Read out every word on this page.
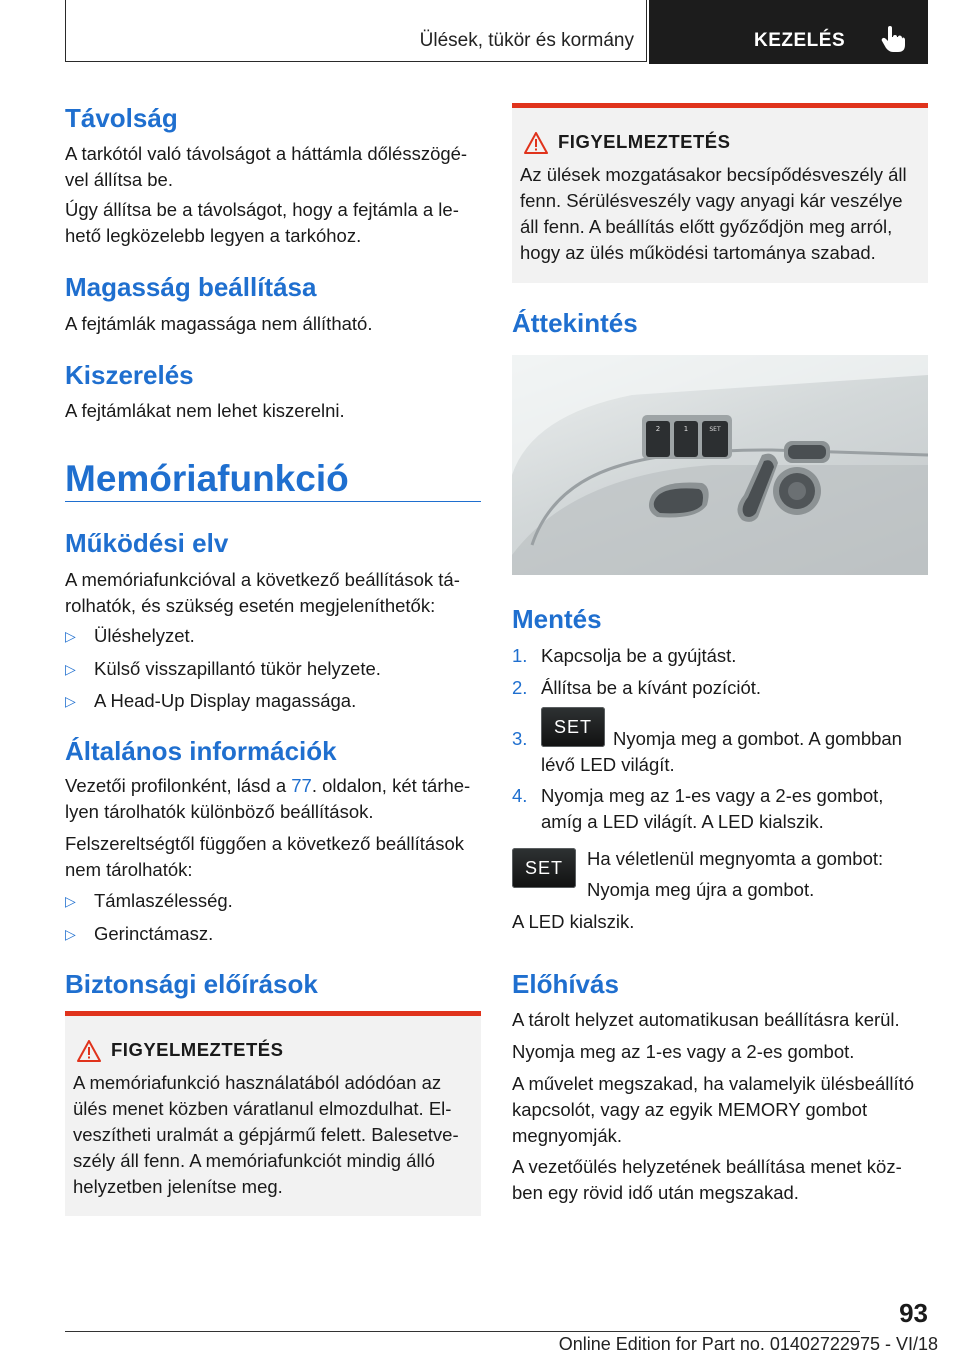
Ülések, tükör és kormány	KEZELÉS
Távolság

A tarkótól való távolságot a háttámla dőlésszögé-vel állítsa be.

Úgy állítsa be a távolságot, hogy a fejtámla a le-hető legközelebb legyen a tarkóhoz.

Magasság beállítása

A fejtámlák magassága nem állítható.

Kiszerelés

A fejtámlákat nem lehet kiszerelni.

Memóriafunkció
Működési elv

A memóriafunkcióval a következő beállítások tá-rolhatók, és szükség esetén megjeleníthetők:

▷ Üléshelyzet.
▷ Külső visszapillantó tükör helyzete.
▷ A Head-Up Display magassága.
Általános információk

Vezetői profilonként, lásd a 77. oldalon, két tárhe-lyen tárolhatók különböző beállítások.

Felszereltségtől függően a következő beállítások nem tárolhatók:

▷ Támlaszélesség.
▷ Gerinctámasz.
Biztonsági előírások
FIGYELMEZTETÉS

A memóriafunkció használatából adódóan az ülés menet közben váratlanul elmozdulhat. El-veszítheti uralmát a gépjármű felett. Balesetve-szély áll fenn. A memóriafunkciót mindig álló helyzetben jelenítse meg.

FIGYELMEZTETÉS

Az ülések mozgatásakor becsípődésveszély áll fenn. Sérülésveszély vagy anyagi kár veszélye áll fenn. A beállítás előtt győződjön meg arról, hogy az ülés működési tartománya szabad.

Áttekintés
2	1	SET
Mentés
1. Kapcsolja be a gyújtást.
2. Állítsa be a kívánt pozíciót.
3.
SET

Nyomja meg a gombot. A gombban lévő LED világít.

4. Nyomja meg az 1-es vagy a 2-es gombot, amíg a LED világít. A LED kialszik.
SET	Ha véletlenül megnyomta a gombot:

Nyomja meg újra a gombot.

A LED kialszik.

Előhívás

A tárolt helyzet automatikusan beállításra kerül.

Nyomja meg az 1-es vagy a 2-es gombot.

A művelet megszakad, ha valamelyik ülésbeállító kapcsolót, vagy az egyik MEMORY gombot megnyomják.

A vezetőülés helyzetének beállítása menet köz-ben egy rövid idő után megszakad.

93
Online Edition for Part no. 01402722975 - VI/18
